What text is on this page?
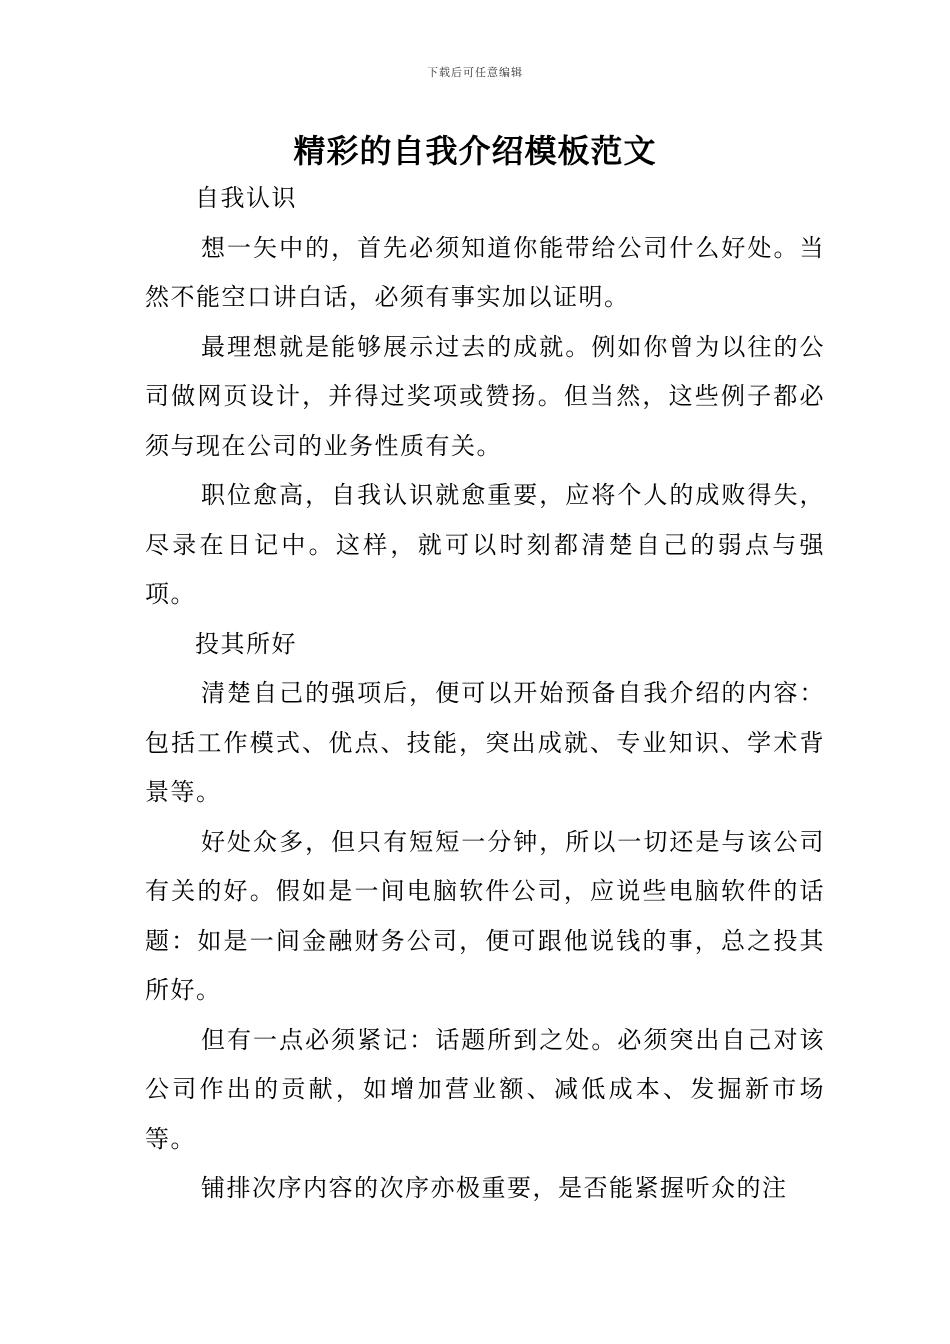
下载后可任意编辑
精彩的自我介绍模板范文

自我认识

想一矢中的，首先必须知道你能带给公司什么好处。当然不能空口讲白话，必须有事实加以证明。

最理想就是能够展示过去的成就。例如你曾为以往的公司做网页设计，并得过奖项或赞扬。但当然，这些例子都必须与现在公司的业务性质有关。

职位愈高，自我认识就愈重要，应将个人的成败得失，尽录在日记中。这样，就可以时刻都清楚自己的弱点与强项。

投其所好

清楚自己的强项后，便可以开始预备自我介绍的内容：包括工作模式、优点、技能，突出成就、专业知识、学术背景等。

好处众多，但只有短短一分钟，所以一切还是与该公司有关的好。假如是一间电脑软件公司，应说些电脑软件的话题：如是一间金融财务公司，便可跟他说钱的事，总之投其所好。

但有一点必须紧记：话题所到之处。必须突出自己对该公司作出的贡献，如增加营业额、减低成本、发掘新市场等。

铺排次序内容的次序亦极重要，是否能紧握听众的注
